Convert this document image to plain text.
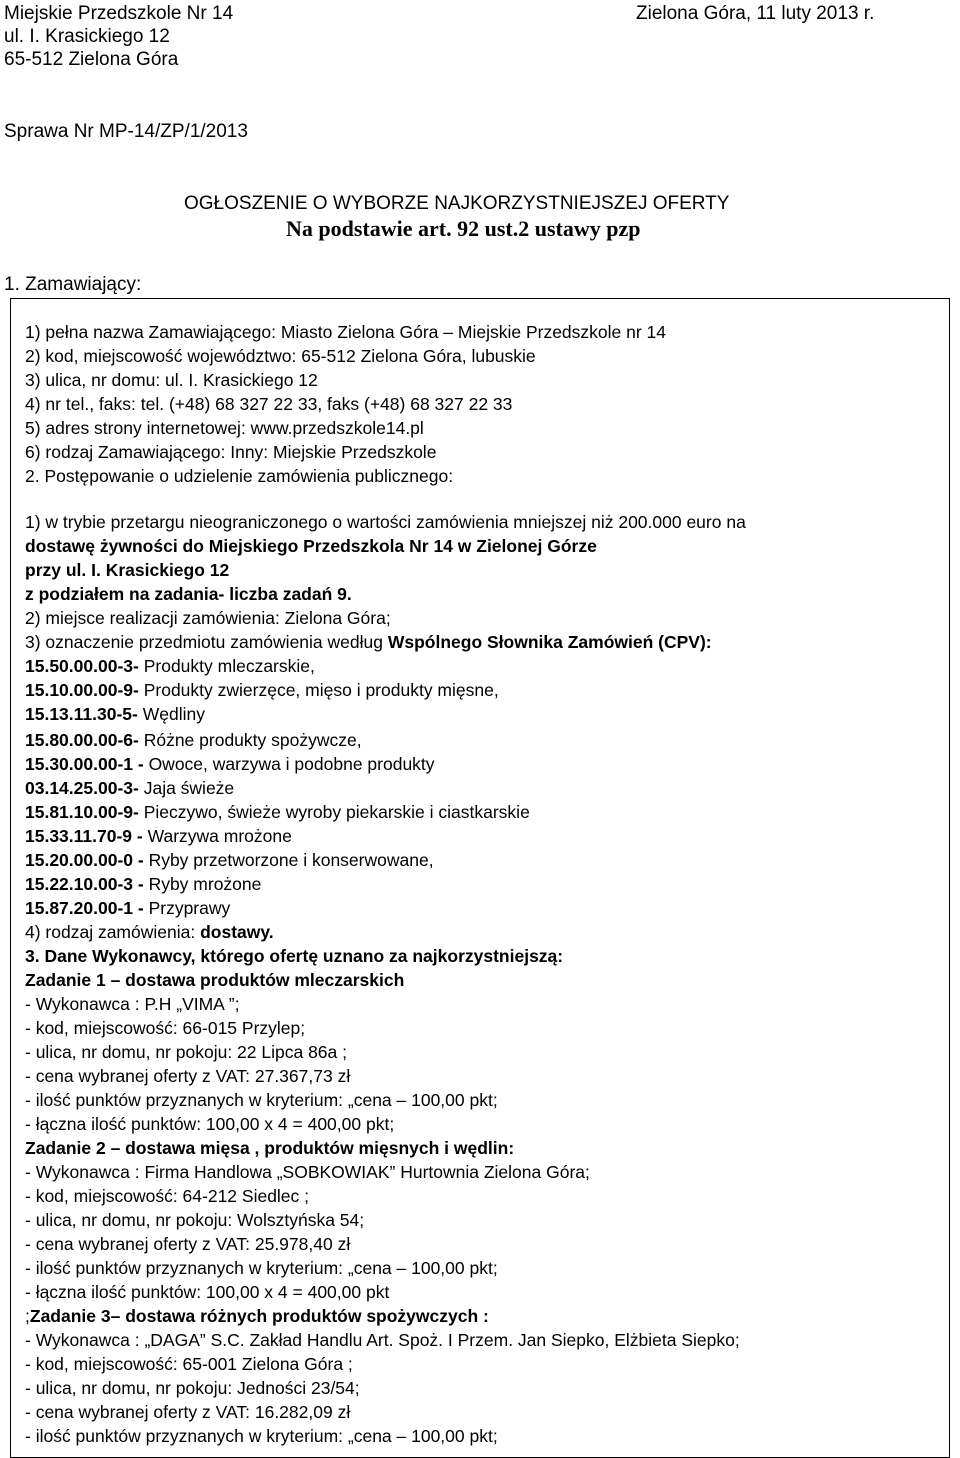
Miejskie Przedszkole Nr 14
ul. I. Krasickiego 12
65-512 Zielona Góra
Zielona Góra, 11 luty 2013 r.
Sprawa Nr MP-14/ZP/1/2013
OGŁOSZENIE O WYBORZE NAJKORZYSTNIEJSZEJ OFERTY
Na podstawie art. 92 ust.2 ustawy pzp
1. Zamawiający:
1) pełna nazwa Zamawiającego: Miasto Zielona Góra – Miejskie Przedszkole nr 14
2) kod, miejscowość województwo: 65-512 Zielona Góra, lubuskie
3) ulica, nr domu: ul. I. Krasickiego 12
4) nr tel., faks: tel. (+48) 68 327 22 33, faks (+48) 68 327 22 33
5) adres strony internetowej: www.przedszkole14.pl
6) rodzaj Zamawiającego: Inny: Miejskie Przedszkole
2. Postępowanie o udzielenie zamówienia publicznego:
1) w trybie przetargu nieograniczonego o wartości zamówienia mniejszej niż 200.000 euro na
dostawę żywności do Miejskiego Przedszkola Nr 14 w Zielonej Górze
przy ul. I. Krasickiego 12
z podziałem na zadania- liczba zadań 9.
2) miejsce realizacji zamówienia: Zielona Góra;
3) oznaczenie przedmiotu zamówienia według Wspólnego Słownika Zamówień (CPV):
15.50.00.00-3- Produkty mleczarskie,
15.10.00.00-9- Produkty zwierzęce, mięso i produkty mięsne,
15.13.11.30-5- Wędliny
15.80.00.00-6- Różne produkty spożywcze,
15.30.00.00-1 - Owoce, warzywa i podobne produkty
03.14.25.00-3- Jaja świeże
15.81.10.00-9- Pieczywo, świeże wyroby piekarskie i ciastkarskie
15.33.11.70-9 - Warzywa mrożone
15.20.00.00-0 - Ryby przetworzone i konserwowane,
15.22.10.00-3 - Ryby mrożone
15.87.20.00-1 - Przyprawy
4) rodzaj zamówienia: dostawy.
3. Dane Wykonawcy, którego ofertę uznano za najkorzystniejszą:
Zadanie 1 – dostawa produktów mleczarskich
- Wykonawca : P.H „VIMA ”;
- kod, miejscowość: 66-015 Przylep;
- ulica, nr domu, nr pokoju: 22 Lipca 86a ;
- cena wybranej oferty z VAT: 27.367,73 zł
- ilość punktów przyznanych w kryterium: „cena – 100,00 pkt;
- łączna ilość punktów: 100,00 x 4 = 400,00 pkt;
Zadanie 2 – dostawa mięsa , produktów mięsnych i wędlin:
- Wykonawca : Firma Handlowa „SOBKOWIAK” Hurtownia Zielona Góra;
- kod, miejscowość: 64-212 Siedlec ;
- ulica, nr domu, nr pokoju: Wolsztyńska 54;
- cena wybranej oferty z VAT: 25.978,40 zł
- ilość punktów przyznanych w kryterium: „cena – 100,00 pkt;
- łączna ilość punktów: 100,00 x 4 = 400,00 pkt
;Zadanie 3– dostawa różnych produktów spożywczych :
- Wykonawca : „DAGA” S.C. Zakład Handlu Art. Spoż. I Przem. Jan Siepko, Elżbieta Siepko;
- kod, miejscowość: 65-001 Zielona Góra ;
- ulica, nr domu, nr pokoju: Jedności 23/54;
- cena wybranej oferty z VAT: 16.282,09 zł
- ilość punktów przyznanych w kryterium: „cena – 100,00 pkt;
